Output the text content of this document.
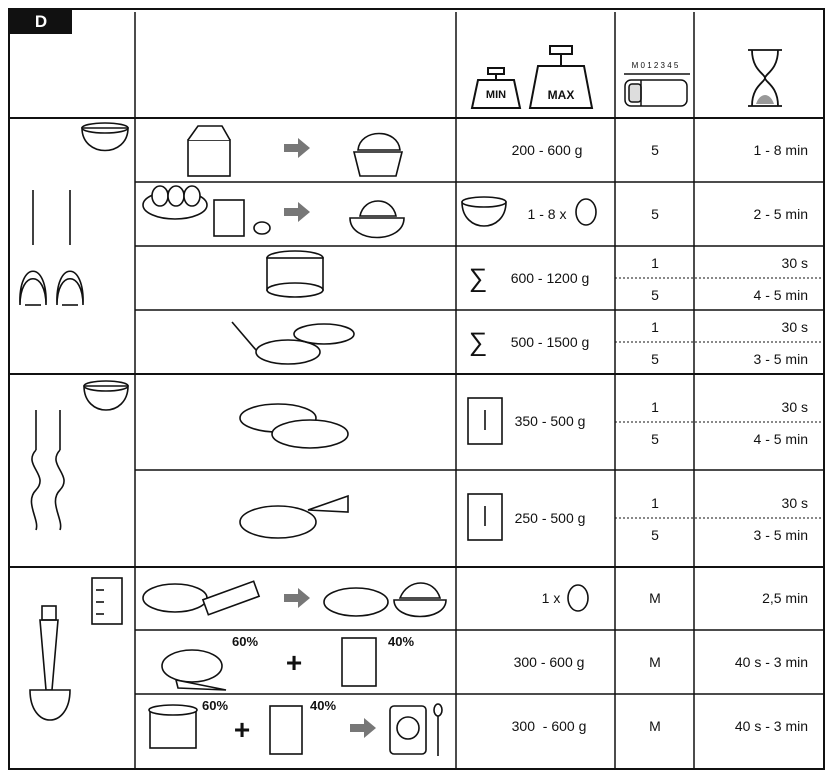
D
MIN	MAX
M 0 1 2 3 4 5
200 - 600 g	5	1 - 8 min
1 - 8 x	5	2 - 5 min
∑ 600 - 1200 g
1	30 s
5	4 - 5 min
∑ 500 - 1500 g
1	30 s
5	3 - 5 min
350 - 500 g
1	30 s
5	4 - 5 min
250 - 500 g
1	30 s
5	3 - 5 min
1 x	M	2,5 min
60%
+
40%
300 - 600 g	M	40 s - 3 min
60%
+
40%
300  - 600 g	M	40 s - 3 min
